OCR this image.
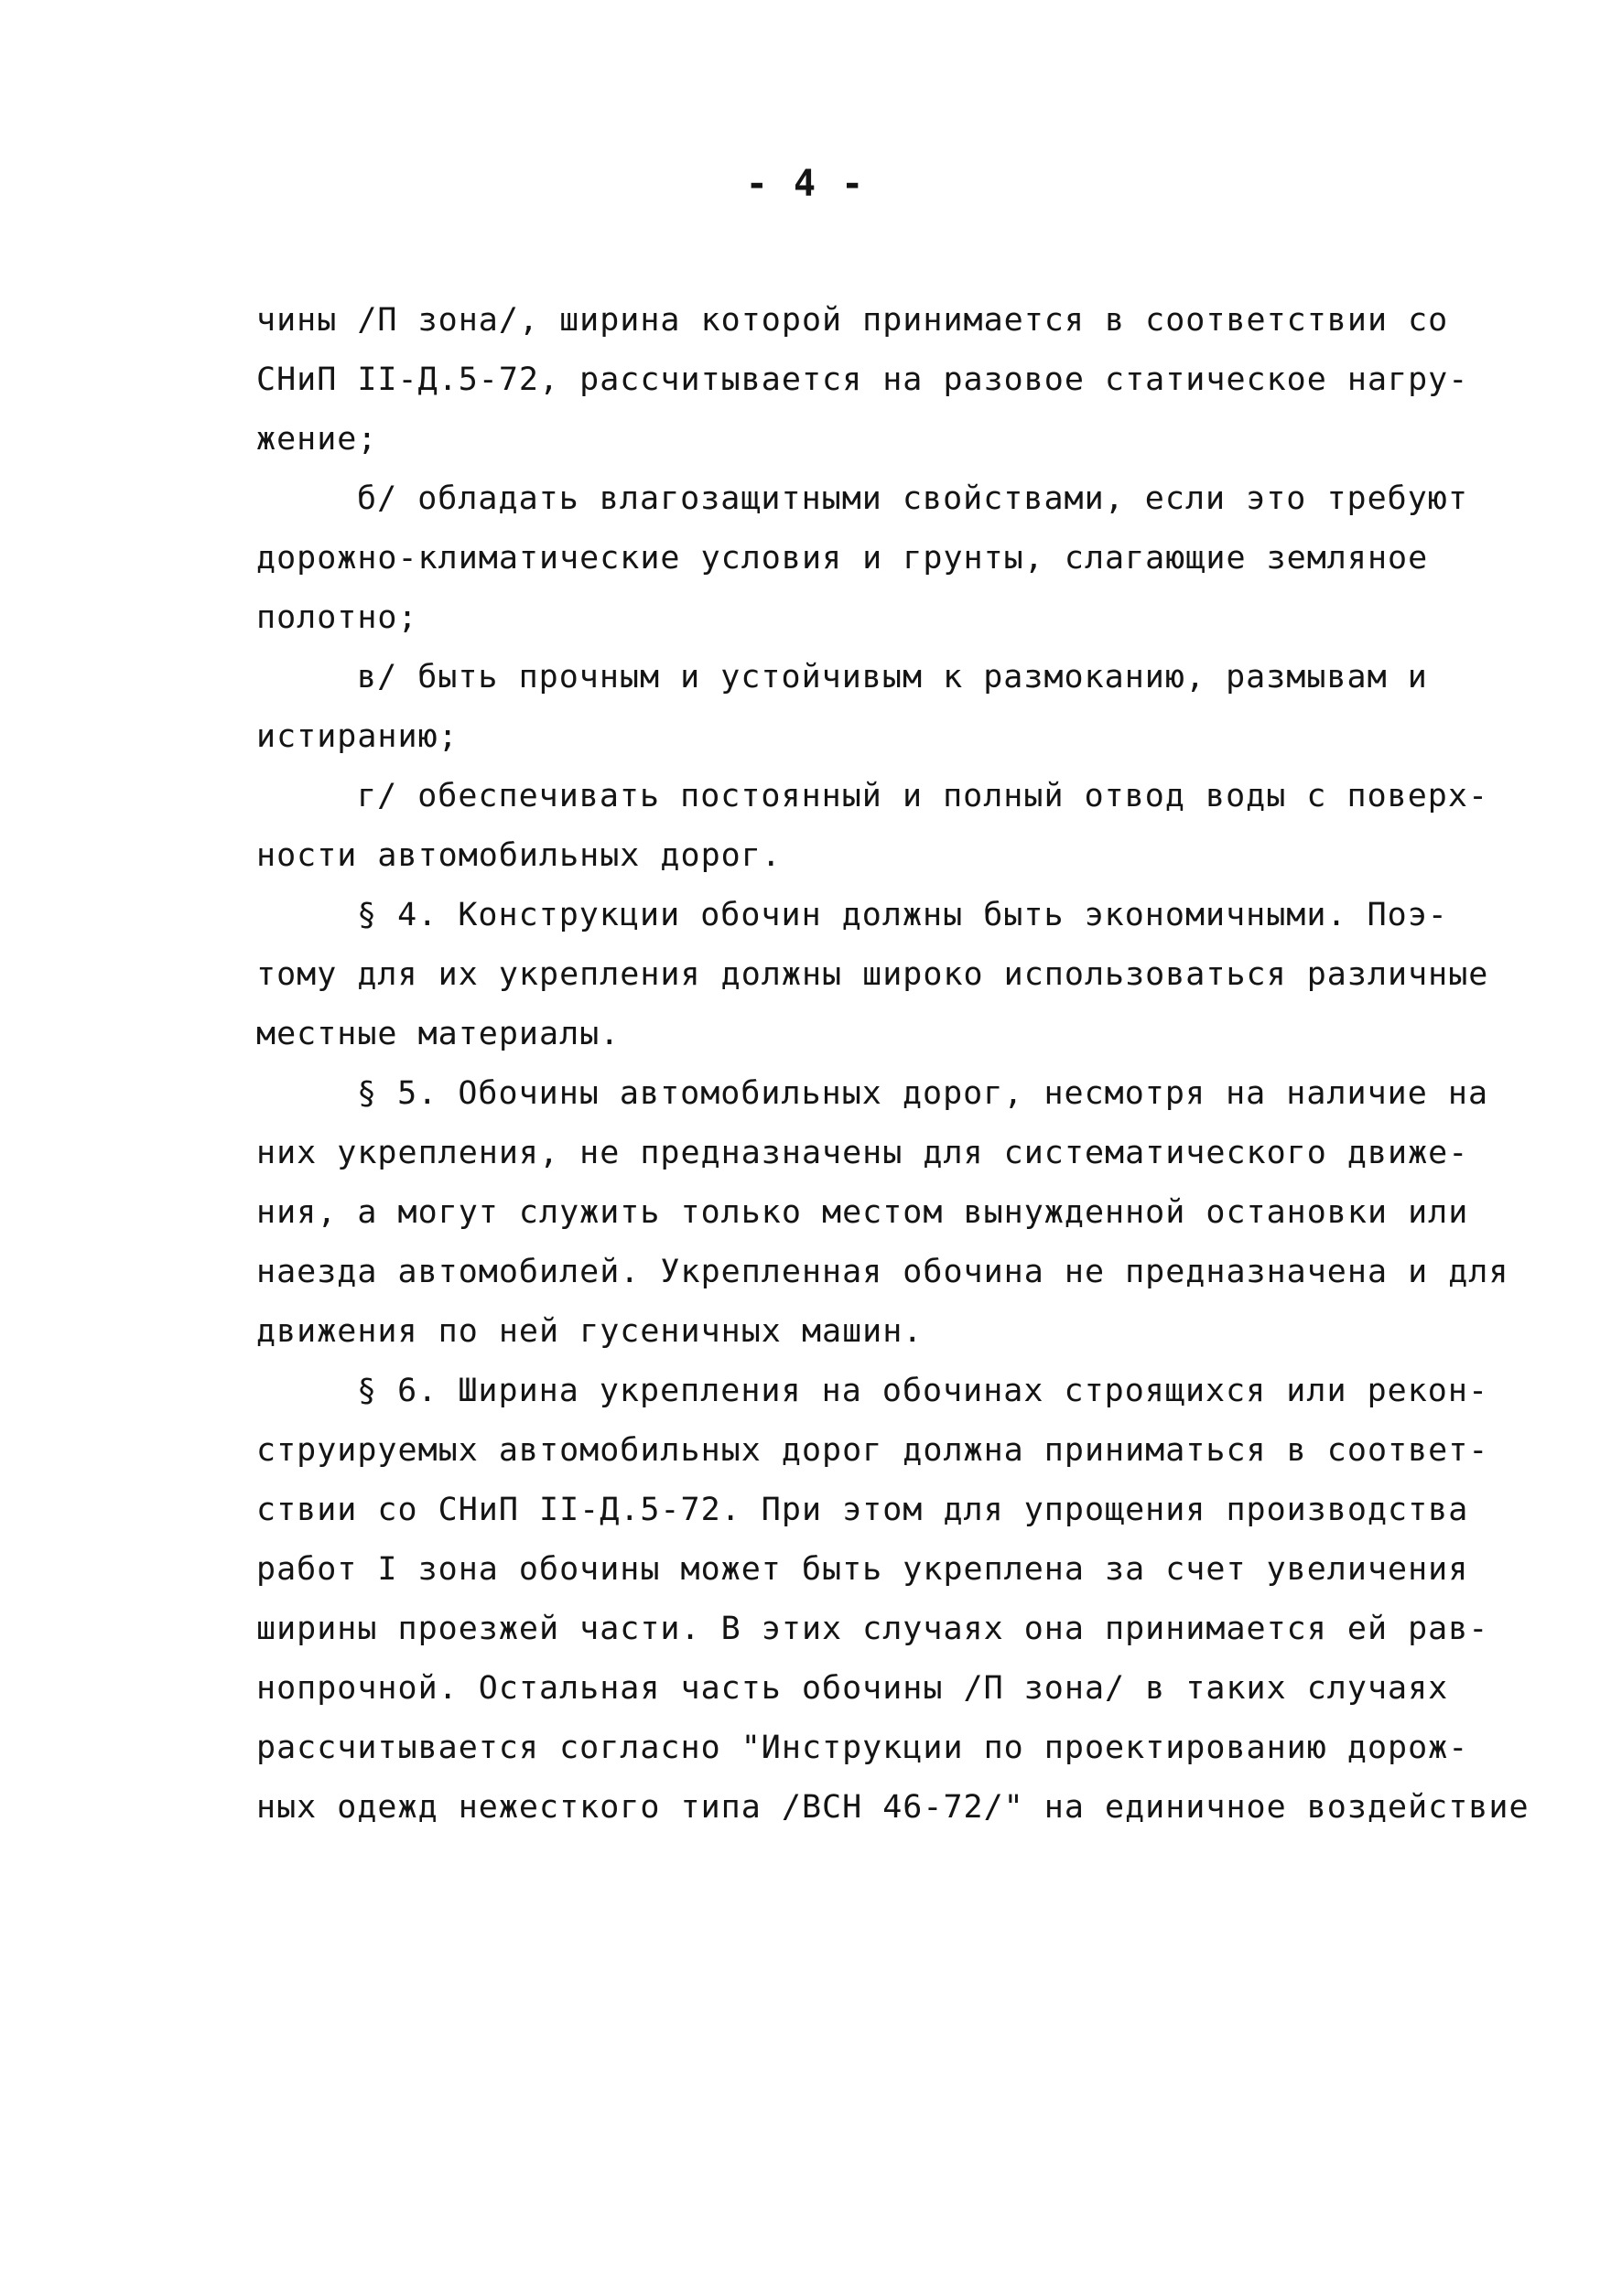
- 4 -
чины /П зона/, ширина которой принимается в соответствии со
СНиП II-Д.5-72, рассчитывается на разовое статическое нагру-
жение;
б/ обладать влагозащитными свойствами, если это требуют
дорожно-климатические условия и грунты, слагающие земляное
полотно;
в/ быть прочным и устойчивым к размоканию, размывам и
истиранию;
г/ обеспечивать постоянный и полный отвод воды с поверх-
ности автомобильных дорог.
§ 4. Конструкции обочин должны быть экономичными. Поэ-
тому для их укрепления должны широко использоваться различные
местные материалы.
§ 5. Обочины автомобильных дорог, несмотря на наличие на
них укрепления, не предназначены для систематического движе-
ния, а могут служить только местом вынужденной остановки или
наезда автомобилей. Укрепленная обочина не предназначена и для
движения по ней гусеничных машин.
§ 6. Ширина укрепления на обочинах строящихся или рекон-
струируемых автомобильных дорог должна приниматься в соответ-
ствии со СНиП II-Д.5-72. При этом для упрощения производства
работ I зона обочины может быть укреплена за счет увеличения
ширины проезжей части. В этих случаях она принимается ей рав-
нопрочной. Остальная часть обочины /П зона/ в таких случаях
рассчитывается согласно "Инструкции по проектированию дорож-
ных одежд нежесткого типа /ВСН 46-72/" на единичное воздействие
